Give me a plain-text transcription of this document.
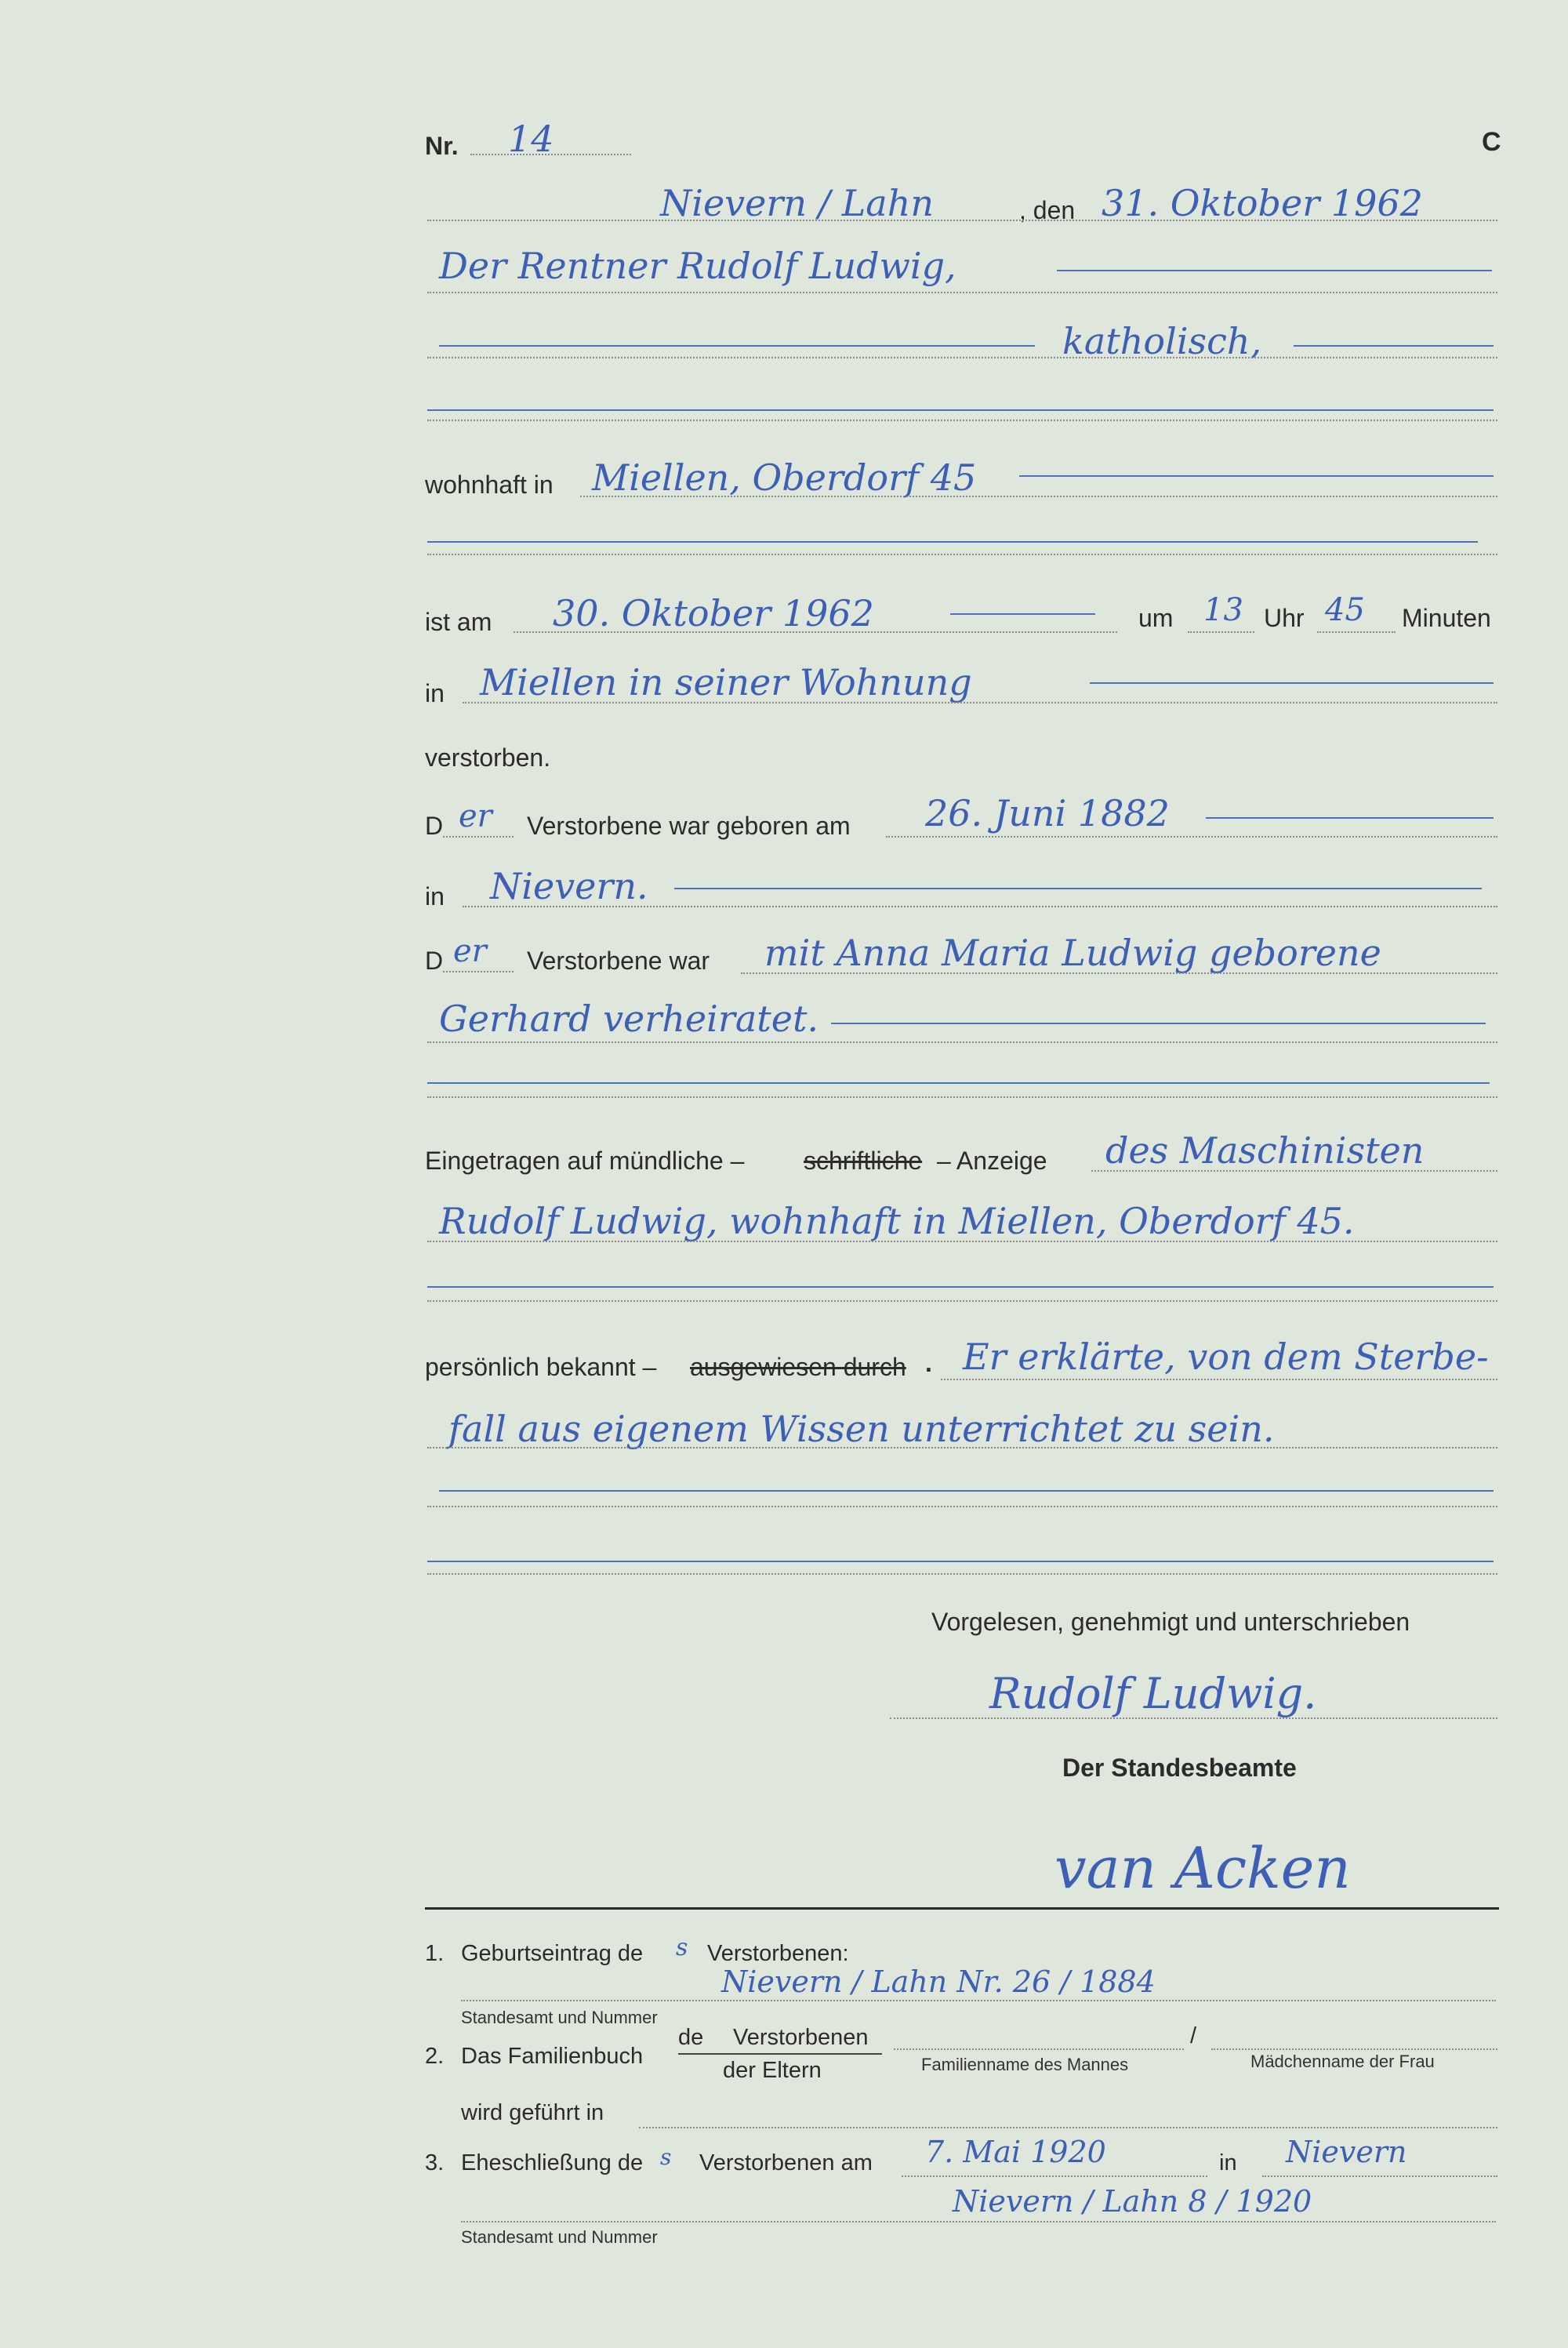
Nr. 14	C
Nievern / Lahn	, den 31. Oktober 1962
Der Rentner Rudolf Ludwig,
katholisch,
wohnhaft in Miellen, Oberdorf 45
ist am 30. Oktober 1962	um 13 Uhr 45 Minuten
in Miellen in seiner Wohnung
verstorben.
D er Verstorbene war geboren am 26. Juni 1882
in Nievern.
D er Verstorbene war mit Anna Maria Ludwig geborene
Gerhard verheiratet.
Eingetragen auf mündliche – schriftliche – Anzeige des Maschinisten
Rudolf Ludwig, wohnhaft in Miellen, Oberdorf 45.
persönlich bekannt – ausgewiesen durch . Er erklärte, von dem Sterbe-
fall aus eigenem Wissen unterrichtet zu sein.
Vorgelesen, genehmigt und unterschrieben
Rudolf Ludwig.
Der Standesbeamte
van Acken
1. Geburtseintrag de s Verstorbenen:
Nievern / Lahn Nr. 26 / 1884
Standesamt und Nummer
2. Das Familienbuch
de Verstorbenen
der Eltern
/
Familienname des Mannes	Mädchenname der Frau
wird geführt in
3. Eheschließung de s Verstorbenen am 7. Mai 1920	in Nievern
Nievern / Lahn 8 / 1920
Standesamt und Nummer
